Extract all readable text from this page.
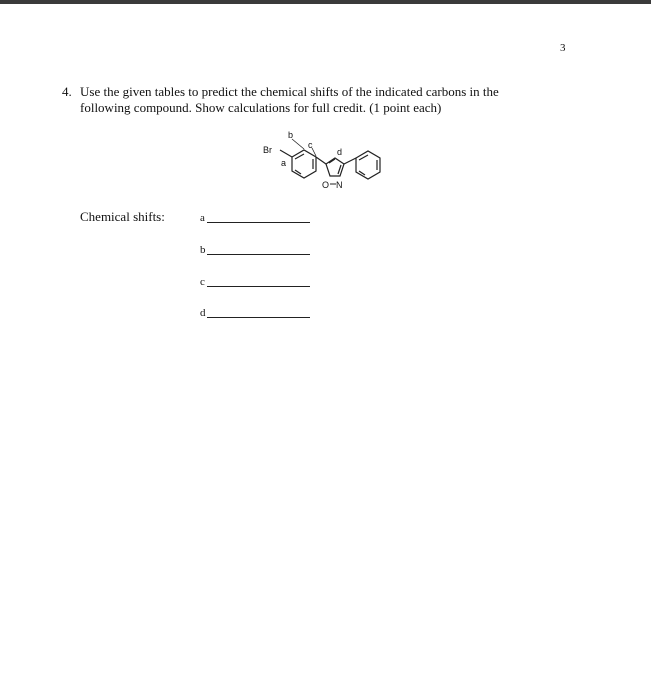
3
4. Use the given tables to predict the chemical shifts of the indicated carbons in the following compound. Show calculations for full credit. (1 point each)
Br
a
b
c
d
O N
Chemical shifts:	a
b
c
d
